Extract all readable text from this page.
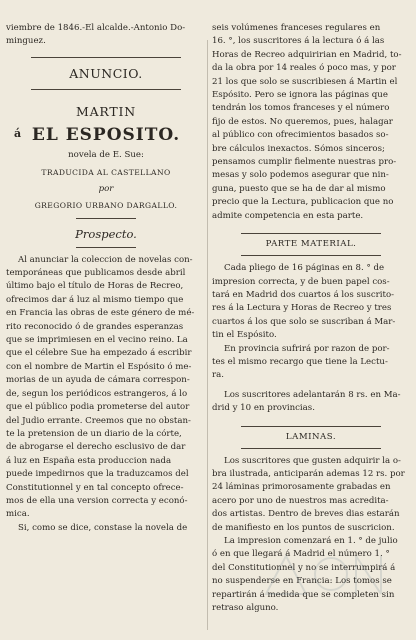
viembre de 1846.-El alcalde.-Antonio Do-

minguez.

ANUNCIO.

MARTIN

á EL ESPOSITO.

novela de E. Sue:

TRADUCIDA AL CASTELLANO

por

GREGORIO URBANO DARGALLO.

Prospecto.

Al anunciar la coleccion de novelas con-

temporáneas que publicamos desde abril

último bajo el título de Horas de Recreo,

ofrecimos dar á luz al mismo tiempo que

en Francia las obras de este género de mé-

rito reconocido ó de grandes esperanzas

que se imprimiesen en el vecino reino. La

que el célebre Sue ha empezado á escribir

con el nombre de Martin el Espósito ó me-

morias de un ayuda de cámara correspon-

de, segun los periódicos estrangeros, á lo

que el público podia prometerse del autor

del Judio errante. Creemos que no obstan-

te la pretension de un diario de la córte,

de abrogarse el derecho esclusivo de dar

á luz en España esta produccion nada

puede impedirnos que la traduzcamos del

Constitutionnel y en tal concepto ofrece-

mos de ella una version correcta y econó-

mica.

Si, como se dice, constase la novela de

seis volúmenes franceses regulares en

16. °, los suscritores á la lectura ó á las

Horas de Recreo adquiririan en Madrid, to-

da la obra por 14 reales ó poco mas, y por

21 los que solo se suscribiesen á Martin el

Espósito. Pero se ignora las páginas que

tendrán los tomos franceses y el número

fijo de estos. No queremos, pues, halagar

al público con ofrecimientos basados so-

bre cálculos inexactos. Sómos sinceros;

pensamos cumplir fielmente nuestras pro-

mesas y solo podemos asegurar que nin-

guna, puesto que se ha de dar al mismo

precio que la Lectura, publicacion que no

admite competencia en esta parte.

PARTE MATERIAL.

Cada pliego de 16 páginas en 8. ° de

impresion correcta, y de buen papel cos-

tará en Madrid dos cuartos á los suscrito-

res á la Lectura y Horas de Recreo y tres

cuartos á los que solo se suscriban á Mar-

tin el Espósito.

En provincia sufrirá por razon de por-

tes el mismo recargo que tiene la Lectu-

ra.

Los suscritores adelantarán 8 rs. en Ma-

drid y 10 en provincias.

LAMINAS.

Los suscritores que gusten adquirir la o-

bra ilustrada, anticiparán ademas 12 rs. por

24 láminas primorosamente grabadas en

acero por uno de nuestros mas acredita-

dos artistas. Dentro de breves dias estarán

de manifiesto en los puntos de suscricion.

La impresion comenzará en 1. ° de julio

ó en que llegará á Madrid el número 1. °

del Constitutionnel y no se interrumpirá á

no suspenderse en Francia: Los tomos se

repartirán á medida que se completen sin

retraso alguno.
